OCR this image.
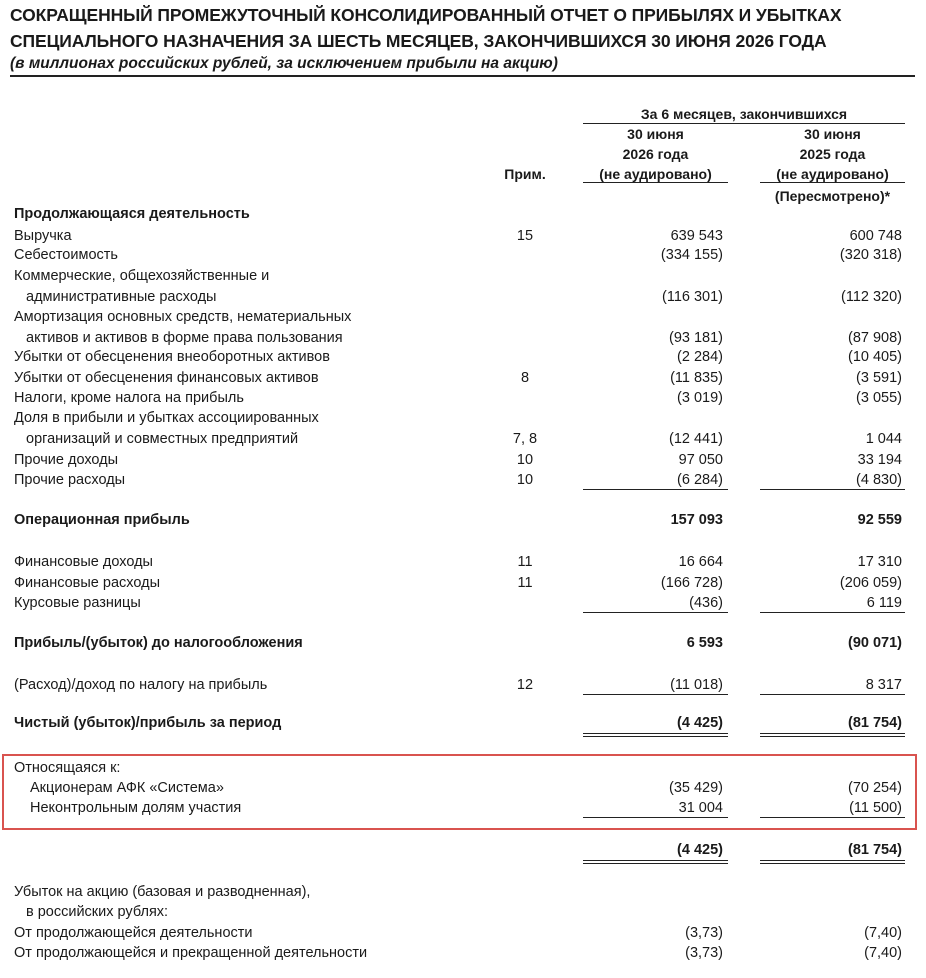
СОКРАЩЕННЫЙ ПРОМЕЖУТОЧНЫЙ КОНСОЛИДИРОВАННЫЙ ОТЧЕТ О ПРИБЫЛЯХ И УБЫТКАХ
СПЕЦИАЛЬНОГО НАЗНАЧЕНИЯ ЗА ШЕСТЬ МЕСЯЦЕВ, ЗАКОНЧИВШИХСЯ 30 ИЮНЯ 2026 ГОДА
(в миллионах российских рублей, за исключением прибыли на акцию)
За 6 месяцев, закончившихся
30 июня
2026 года
(не аудировано)
30 июня
2025 года
(не аудировано)
Прим.
(Пересмотрено)*
Продолжающаяся деятельность
Выручка	15	639 543	600 748
Себестоимость	(334 155)	(320 318)
Коммерческие, общехозяйственные и
административные расходы	(116 301)	(112 320)
Амортизация основных средств, нематериальных
активов и активов в форме права пользования	(93 181)	(87 908)
Убытки от обесценения внеоборотных активов	(2 284)	(10 405)
Убытки от обесценения финансовых активов	8	(11 835)	(3 591)
Налоги, кроме налога на прибыль	(3 019)	(3 055)
Доля в прибыли и убытках ассоциированных
организаций и совместных предприятий	7, 8	(12 441)	1 044
Прочие доходы	10	97 050	33 194
Прочие расходы	10	(6 284)	(4 830)
Операционная прибыль	157 093	92 559
Финансовые доходы	11	16 664	17 310
Финансовые расходы	11	(166 728)	(206 059)
Курсовые разницы	(436)	6 119
Прибыль/(убыток) до налогообложения	6 593	(90 071)
(Расход)/доход по налогу на прибыль	12	(11 018)	8 317
Чистый (убыток)/прибыль за период	(4 425)	(81 754)
Относящаяся к:
Акционерам АФК «Система»	(35 429)	(70 254)
Неконтрольным долям участия	31 004	(11 500)
(4 425)	(81 754)
Убыток на акцию (базовая и разводненная),
в российских рублях:
От продолжающейся деятельности	(3,73)	(7,40)
От продолжающейся и прекращенной деятельности	(3,73)	(7,40)
